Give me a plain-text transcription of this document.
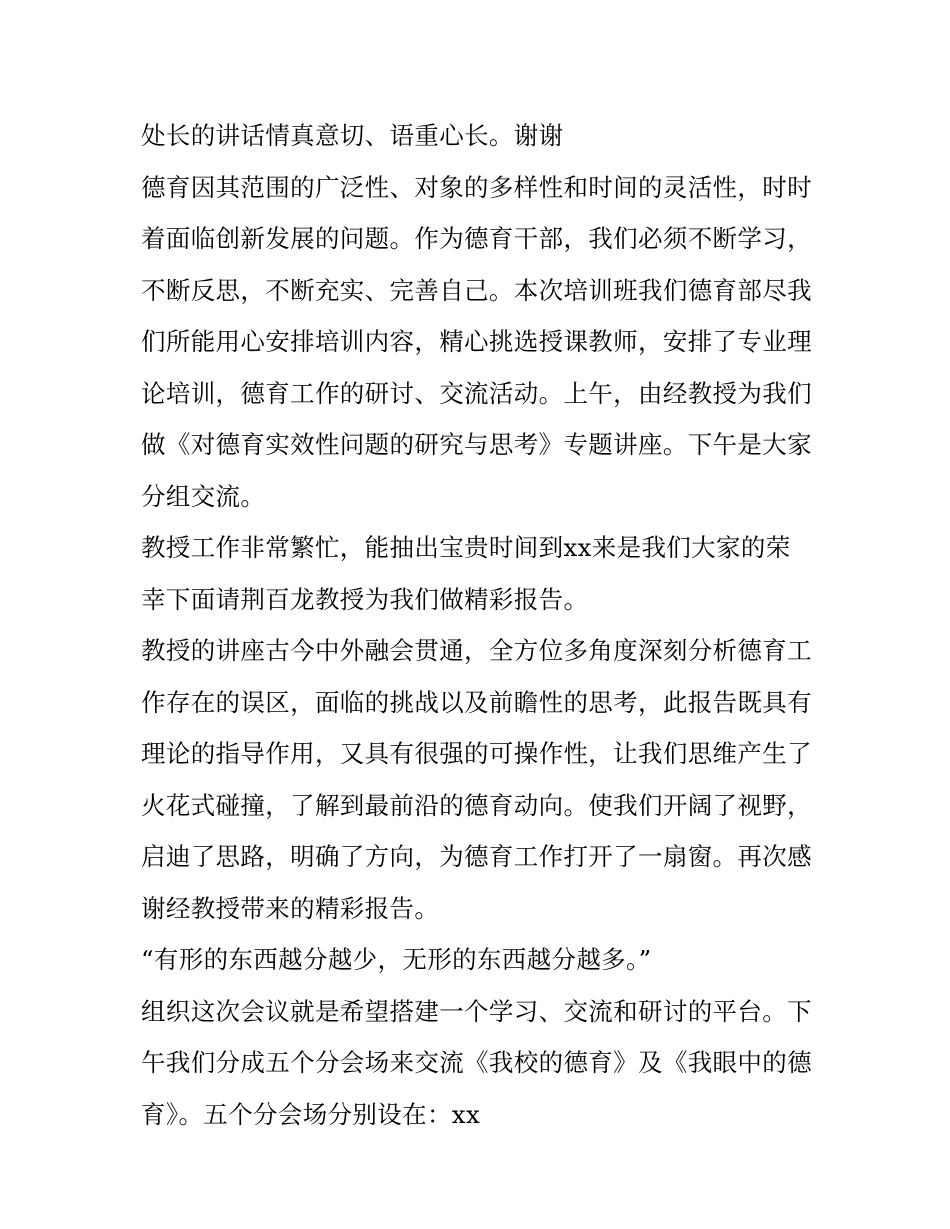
处长的讲话情真意切、语重心长。谢谢
德育因其范围的广泛性、对象的多样性和时间的灵活性，时时
着面临创新发展的问题。作为德育干部，我们必须不断学习，
不断反思，不断充实、完善自己。本次培训班我们德育部尽我
们所能用心安排培训内容，精心挑选授课教师，安排了专业理
论培训，德育工作的研讨、交流活动。上午，由经教授为我们
做《对德育实效性问题的研究与思考》专题讲座。下午是大家
分组交流。
教授工作非常繁忙，能抽出宝贵时间到xx来是我们大家的荣
幸下面请荆百龙教授为我们做精彩报告。
教授的讲座古今中外融会贯通，全方位多角度深刻分析德育工
作存在的误区，面临的挑战以及前瞻性的思考，此报告既具有
理论的指导作用，又具有很强的可操作性，让我们思维产生了
火花式碰撞，了解到最前沿的德育动向。使我们开阔了视野，
启迪了思路，明确了方向，为德育工作打开了一扇窗。再次感
谢经教授带来的精彩报告。
“有形的东西越分越少，无形的东西越分越多。”
组织这次会议就是希望搭建一个学习、交流和研讨的平台。下
午我们分成五个分会场来交流《我校的德育》及《我眼中的德
育》。五个分会场分别设在：xx
